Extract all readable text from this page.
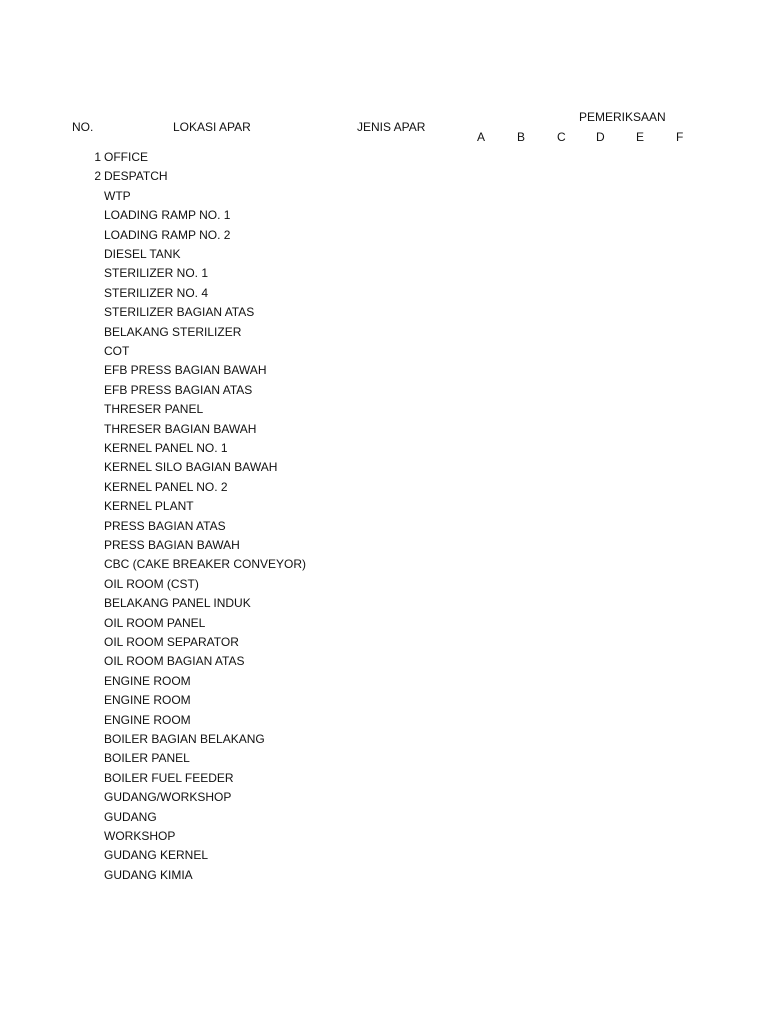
NO.	LOKASI APAR	JENIS APAR
PEMERIKSAAN
A	B	C	D	E	F
1 OFFICE
2 DESPATCH
WTP
LOADING RAMP NO. 1
LOADING RAMP NO. 2
DIESEL TANK
STERILIZER NO. 1
STERILIZER NO. 4
STERILIZER BAGIAN ATAS
BELAKANG STERILIZER
COT
EFB PRESS BAGIAN BAWAH
EFB PRESS BAGIAN ATAS
THRESER PANEL
THRESER BAGIAN BAWAH
KERNEL PANEL NO. 1
KERNEL SILO BAGIAN BAWAH
KERNEL PANEL NO. 2
KERNEL PLANT
PRESS BAGIAN ATAS
PRESS BAGIAN BAWAH
CBC (CAKE BREAKER CONVEYOR)
OIL ROOM (CST)
BELAKANG PANEL INDUK
OIL ROOM PANEL
OIL ROOM SEPARATOR
OIL ROOM BAGIAN ATAS
ENGINE ROOM
ENGINE ROOM
ENGINE ROOM
BOILER BAGIAN BELAKANG
BOILER PANEL
BOILER FUEL FEEDER
GUDANG/WORKSHOP
GUDANG
WORKSHOP
GUDANG KERNEL
GUDANG KIMIA
